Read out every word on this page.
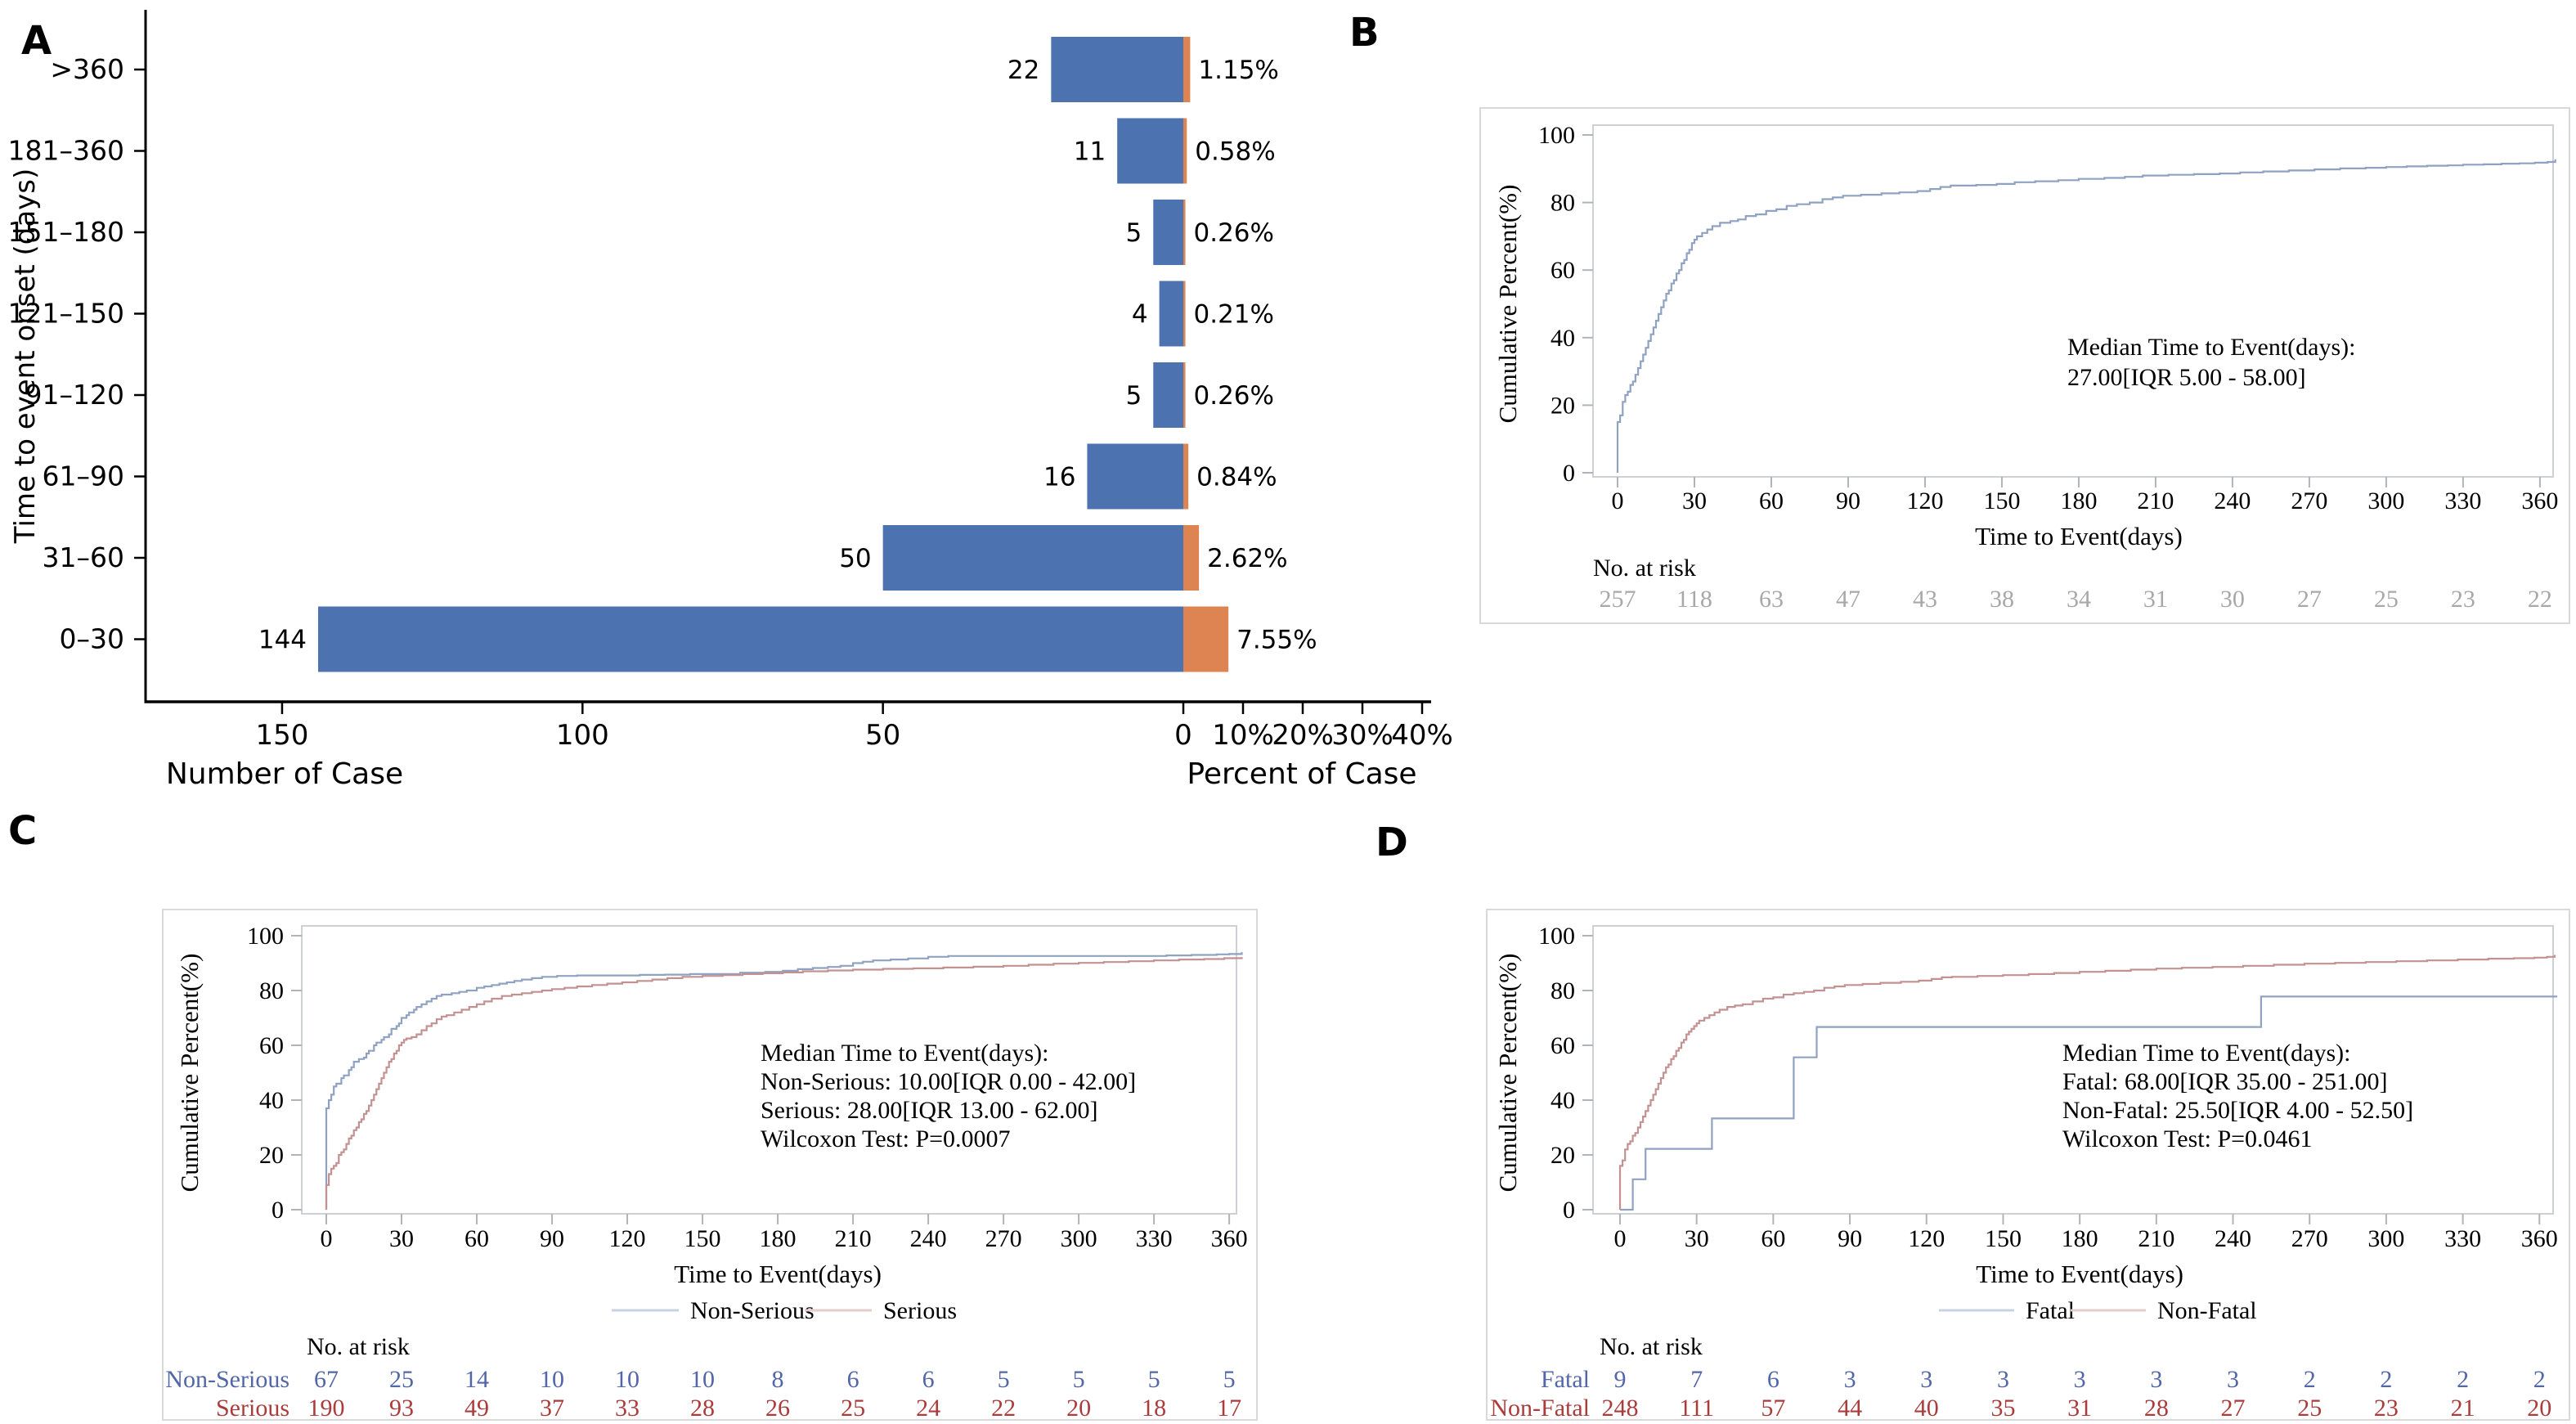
A	B
C	D
Time to event onset (days)
>360	22	1.15%
181–360	11	0.58%
151–180	5 0.26%
121–150	4 0.21%
91–120	5 0.26%
61–90	16	0.84%
31–60	50	2.62%
0–30	144	7.55%
150	100	50	0 10%
20%
30%
40%
Number of Case	Percent of Case
0
20
40
60
80
100
Cumulative Percent(%)
0 30 60 90 120 150 180 210 240 270 300 330 360
Time to Event(days)
Median Time to Event(days):
27.00[IQR 5.00 - 58.00]
No. at risk
257 118 63 47 43 38 34 31 30 27 25 23 22
0
20
40
60
80
100
Cumulative Percent(%)
0 30 60 90 120 150 180 210 240 270 300 330 360
Time to Event(days)
Median Time to Event(days):
Non-Serious: 10.00[IQR 0.00 - 42.00]
Serious: 28.00[IQR 13.00 - 62.00]
Wilcoxon Test: P=0.0007
Non-Serious	Serious
No. at risk
Non-Serious 67 25 14 10 10 10 8	6	6	5	5	5	5
Serious 190 93 49 37 33 28 26 25 24 22 20 18 17
0
20
40
60
80
100
Cumulative Percent(%)
0 30 60 90 120 150 180 210 240 270 300 330 360
Time to Event(days)
Median Time to Event(days):
Fatal: 68.00[IQR 35.00 - 251.00]
Non-Fatal: 25.50[IQR 4.00 - 52.50]
Wilcoxon Test: P=0.0461
Fatal	Non-Fatal
No. at risk
Fatal 9	7	6	3	3	3	3	3	3	2	2	2	2
Non-Fatal 248 111 57 44 40 35 31 28 27 25 23 21 20
